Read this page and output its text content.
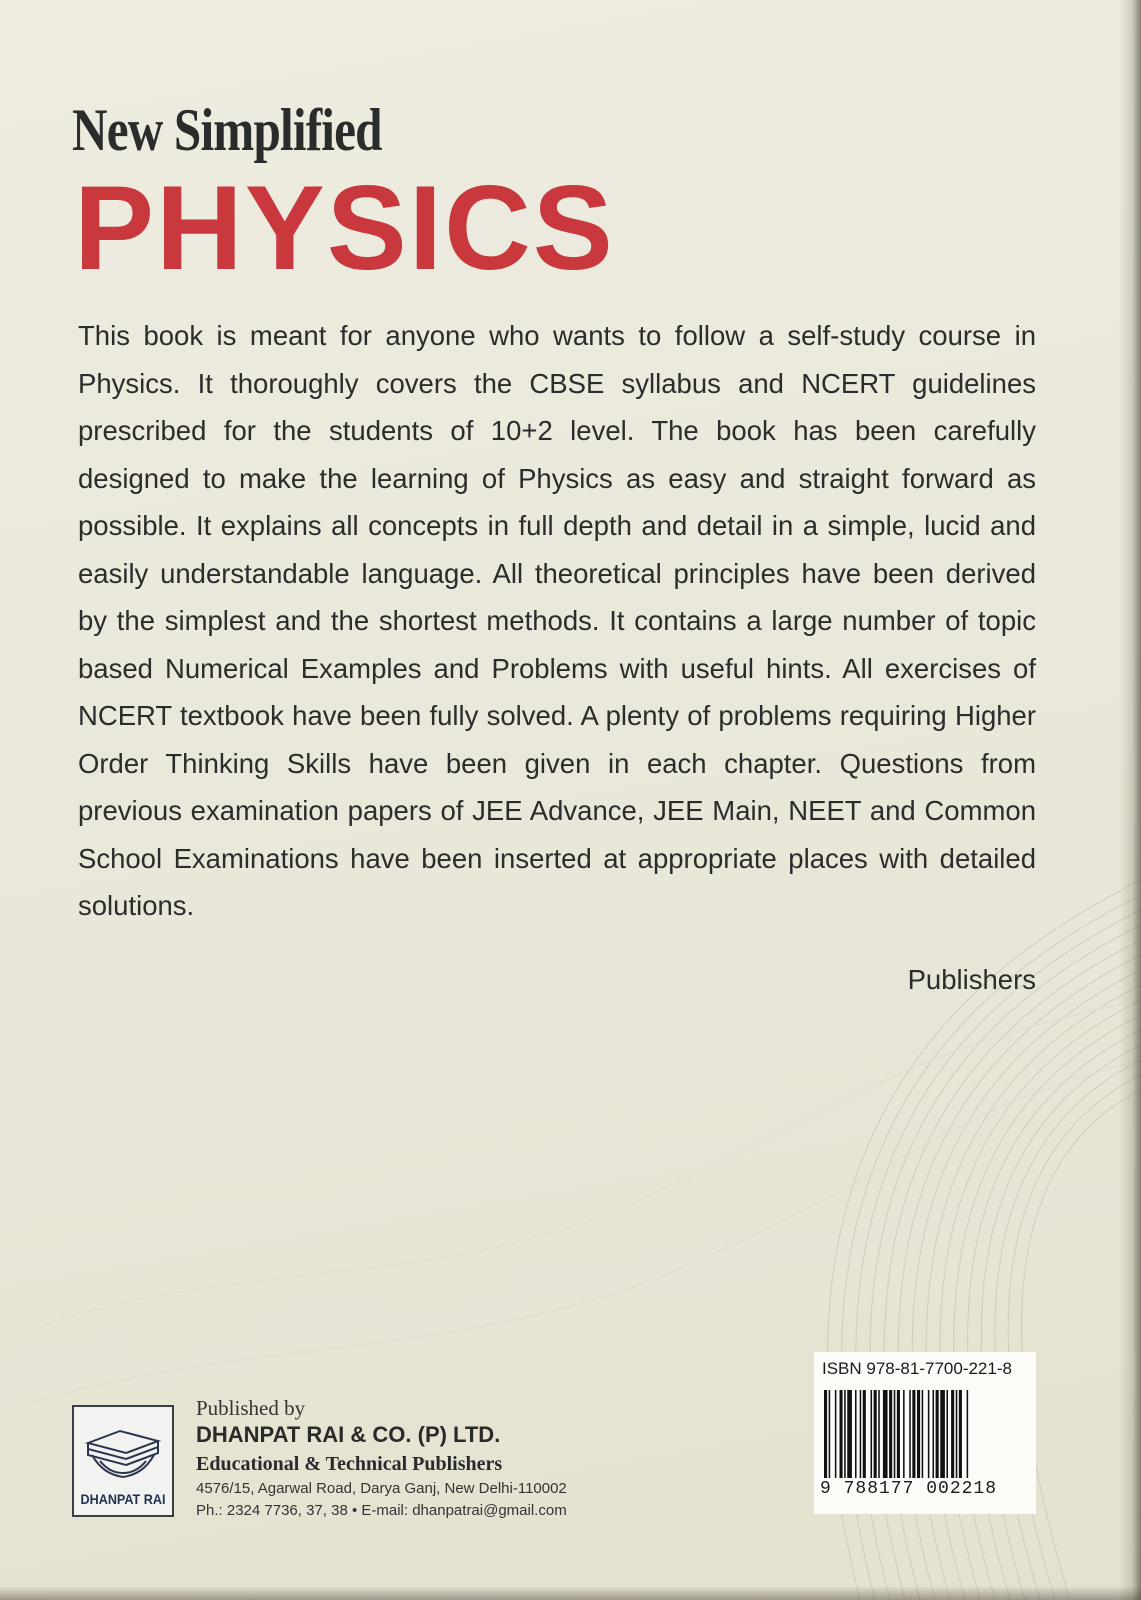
New Simplified
PHYSICS

This book is meant for anyone who wants to follow a self-study course in Physics. It thoroughly covers the CBSE syllabus and NCERT guidelines prescribed for the students of 10+2 level. The book has been carefully designed to make the learning of Physics as easy and straight forward as possible. It explains all concepts in full depth and detail in a simple, lucid and easily understandable language. All theoretical principles have been derived by the simplest and the shortest methods. It contains a large number of topic based Numerical Examples and Problems with useful hints. All exercises of NCERT textbook have been fully solved. A plenty of problems requiring Higher Order Thinking Skills have been given in each chapter. Questions from previous examination papers of JEE Advance, JEE Main, NEET and Common School Examinations have been inserted at appropriate places with detailed solutions.

Publishers

DHANPAT RAI

Published by

DHANPAT RAI & CO. (P) LTD.

Educational & Technical Publishers

4576/15, Agarwal Road, Darya Ganj, New Delhi-110002

Ph.: 2324 7736, 37, 38 • E-mail: dhanpatrai@gmail.com

ISBN 978-81-7700-221-8

9 788177 002218
